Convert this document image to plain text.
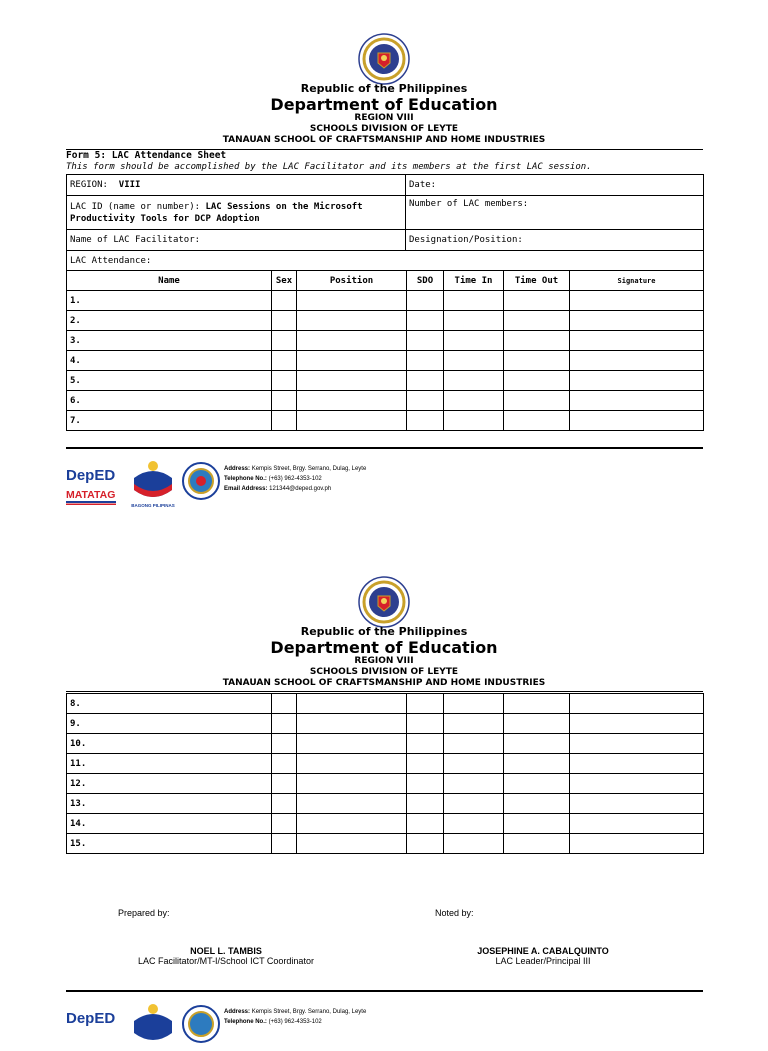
Republic of the Philippines
Department of Education
REGION VIII
SCHOOLS DIVISION OF LEYTE
TANAUAN SCHOOL OF CRAFTSMANSHIP AND HOME INDUSTRIES
Form 5: LAC Attendance Sheet
This form should be accomplished by the LAC Facilitator and its members at the first LAC session.
REGION: VIII	Date:
LAC ID (name or number): LAC Sessions on the Microsoft Productivity Tools for DCP Adoption	Number of LAC members:
Name of LAC Facilitator:	Designation/Position:
LAC Attendance:	
Name	Sex	Position	SDO	Time In	Time Out	Signature
1.						
2.						
3.						
4.						
5.						
6.						
7.						
DepED
MATATAG
BAGONG PILIPINAS
Address: Kempis Street, Brgy. Serrano, Dulag, Leyte
Telephone No.: (+63) 962-4353-102
Email Address: 121344@deped.gov.ph
Republic of the Philippines
Department of Education
REGION VIII
SCHOOLS DIVISION OF LEYTE
TANAUAN SCHOOL OF CRAFTSMANSHIP AND HOME INDUSTRIES
8.						
9.						
10.						
11.						
12.						
13.						
14.						
15.						
Prepared by:	Noted by:
NOEL L. TAMBIS
LAC Facilitator/MT-I/School ICT Coordinator
JOSEPHINE A. CABALQUINTO
LAC Leader/Principal III
DepED	Address: Kempis Street, Brgy. Serrano, Dulag, Leyte
Telephone No.: (+63) 962-4353-102
